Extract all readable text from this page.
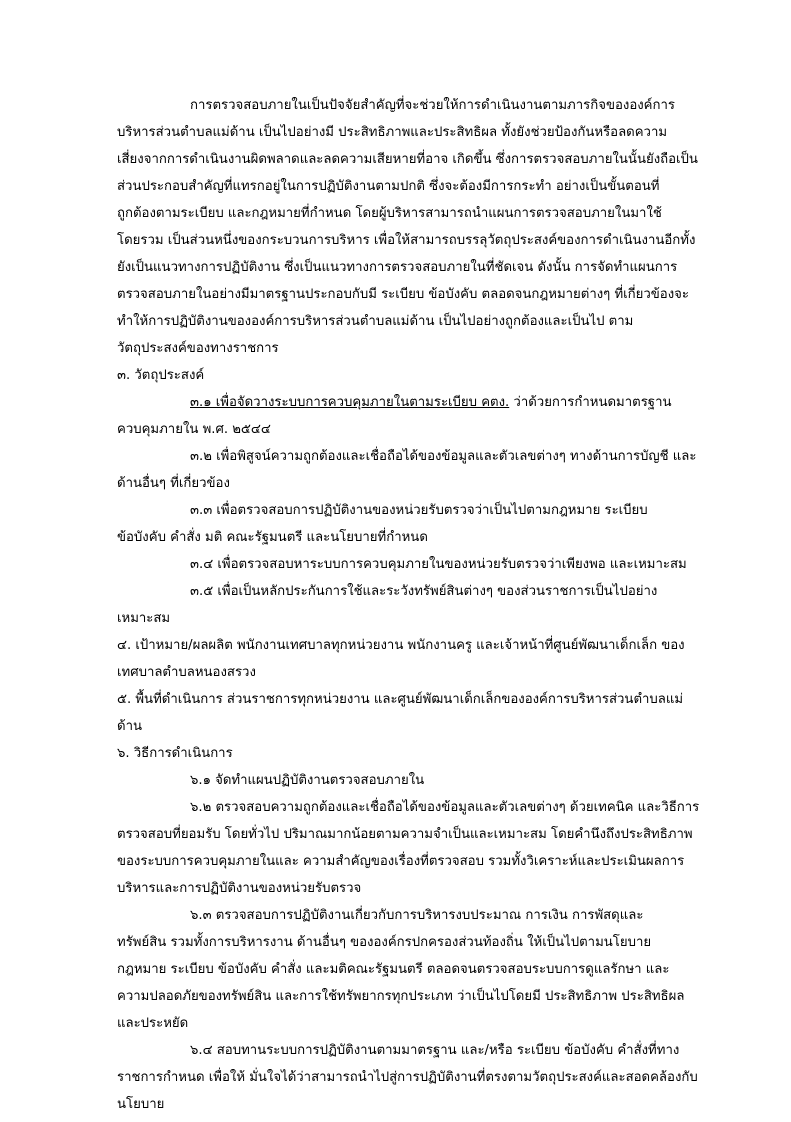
การตรวจสอบภายในเป็นปัจจัยสำคัญที่จะช่วยให้การดำเนินงานตามภารกิจขององค์การ
บริหารส่วนตำบลแม่ด้าน เป็นไปอย่างมี ประสิทธิภาพและประสิทธิผล ทั้งยังช่วยป้องกันหรือลดความ
เสี่ยงจากการดำเนินงานผิดพลาดและลดความเสียหายที่อาจ เกิดขึ้น ซึ่งการตรวจสอบภายในนั้นยังถือเป็น
ส่วนประกอบสำคัญที่แทรกอยู่ในการปฏิบัติงานตามปกติ ซึ่งจะต้องมีการกระทำ อย่างเป็นขั้นตอนที่
ถูกต้องตามระเบียบ และกฎหมายที่กำหนด โดยผู้บริหารสามารถนำแผนการตรวจสอบภายในมาใช้
โดยรวม เป็นส่วนหนึ่งของกระบวนการบริหาร เพื่อให้สามารถบรรลุวัตถุประสงค์ของการดำเนินงานอีกทั้ง
ยังเป็นแนวทางการปฏิบัติงาน ซึ่งเป็นแนวทางการตรวจสอบภายในที่ชัดเจน ดังนั้น การจัดทำแผนการ
ตรวจสอบภายในอย่างมีมาตรฐานประกอบกับมี ระเบียบ ข้อบังคับ ตลอดจนกฎหมายต่างๆ ที่เกี่ยวข้องจะ
ทำให้การปฏิบัติงานขององค์การบริหารส่วนตำบลแม่ด้าน เป็นไปอย่างถูกต้องและเป็นไป ตาม
วัตถุประสงค์ของทางราชการ
๓. วัตถุประสงค์
๓.๑ เพื่อจัดวางระบบการควบคุมภายในตามระเบียบ คตง. ว่าด้วยการกำหนดมาตรฐาน
ควบคุมภายใน พ.ศ. ๒๕๔๔
๓.๒ เพื่อพิสูจน์ความถูกต้องและเชื่อถือได้ของข้อมูลและตัวเลขต่างๆ ทางด้านการบัญชี และ
ด้านอื่นๆ ที่เกี่ยวข้อง
๓.๓ เพื่อตรวจสอบการปฏิบัติงานของหน่วยรับตรวจว่าเป็นไปตามกฎหมาย ระเบียบ
ข้อบังคับ คำสั่ง มติ คณะรัฐมนตรี และนโยบายที่กำหนด
๓.๔ เพื่อตรวจสอบหาระบบการควบคุมภายในของหน่วยรับตรวจว่าเพียงพอ และเหมาะสม
๓.๕ เพื่อเป็นหลักประกันการใช้และระวังทรัพย์สินต่างๆ ของส่วนราชการเป็นไปอย่าง
เหมาะสม
๔. เป้าหมาย/ผลผลิต พนักงานเทศบาลทุกหน่วยงาน พนักงานครู และเจ้าหน้าที่ศูนย์พัฒนาเด็กเล็ก ของ
เทศบาลตำบลหนองสรวง
๕. พื้นที่ดำเนินการ ส่วนราชการทุกหน่วยงาน และศูนย์พัฒนาเด็กเล็กขององค์การบริหารส่วนตำบลแม่
ด้าน
๖. วิธีการดำเนินการ
๖.๑ จัดทำแผนปฏิบัติงานตรวจสอบภายใน
๖.๒ ตรวจสอบความถูกต้องและเชื่อถือได้ของข้อมูลและตัวเลขต่างๆ ด้วยเทคนิค และวิธีการ
ตรวจสอบที่ยอมรับ โดยทั่วไป ปริมาณมากน้อยตามความจำเป็นและเหมาะสม โดยคำนึงถึงประสิทธิภาพ
ของระบบการควบคุมภายในและ ความสำคัญของเรื่องที่ตรวจสอบ รวมทั้งวิเคราะห์และประเมินผลการ
บริหารและการปฏิบัติงานของหน่วยรับตรวจ
๖.๓ ตรวจสอบการปฏิบัติงานเกี่ยวกับการบริหารงบประมาณ การเงิน การพัสดุและ
ทรัพย์สิน รวมทั้งการบริหารงาน ด้านอื่นๆ ขององค์กรปกครองส่วนท้องถิ่น ให้เป็นไปตามนโยบาย
กฎหมาย ระเบียบ ข้อบังคับ คำสั่ง และมติคณะรัฐมนตรี ตลอดจนตรวจสอบระบบการดูแลรักษา และ
ความปลอดภัยของทรัพย์สิน และการใช้ทรัพยากรทุกประเภท ว่าเป็นไปโดยมี ประสิทธิภาพ ประสิทธิผล
และประหยัด
๖.๔ สอบทานระบบการปฏิบัติงานตามมาตรฐาน และ/หรือ ระเบียบ ข้อบังคับ คำสั่งที่ทาง
ราชการกำหนด เพื่อให้ มั่นใจได้ว่าสามารถนำไปสู่การปฏิบัติงานที่ตรงตามวัตถุประสงค์และสอดคล้องกับ
นโยบาย
